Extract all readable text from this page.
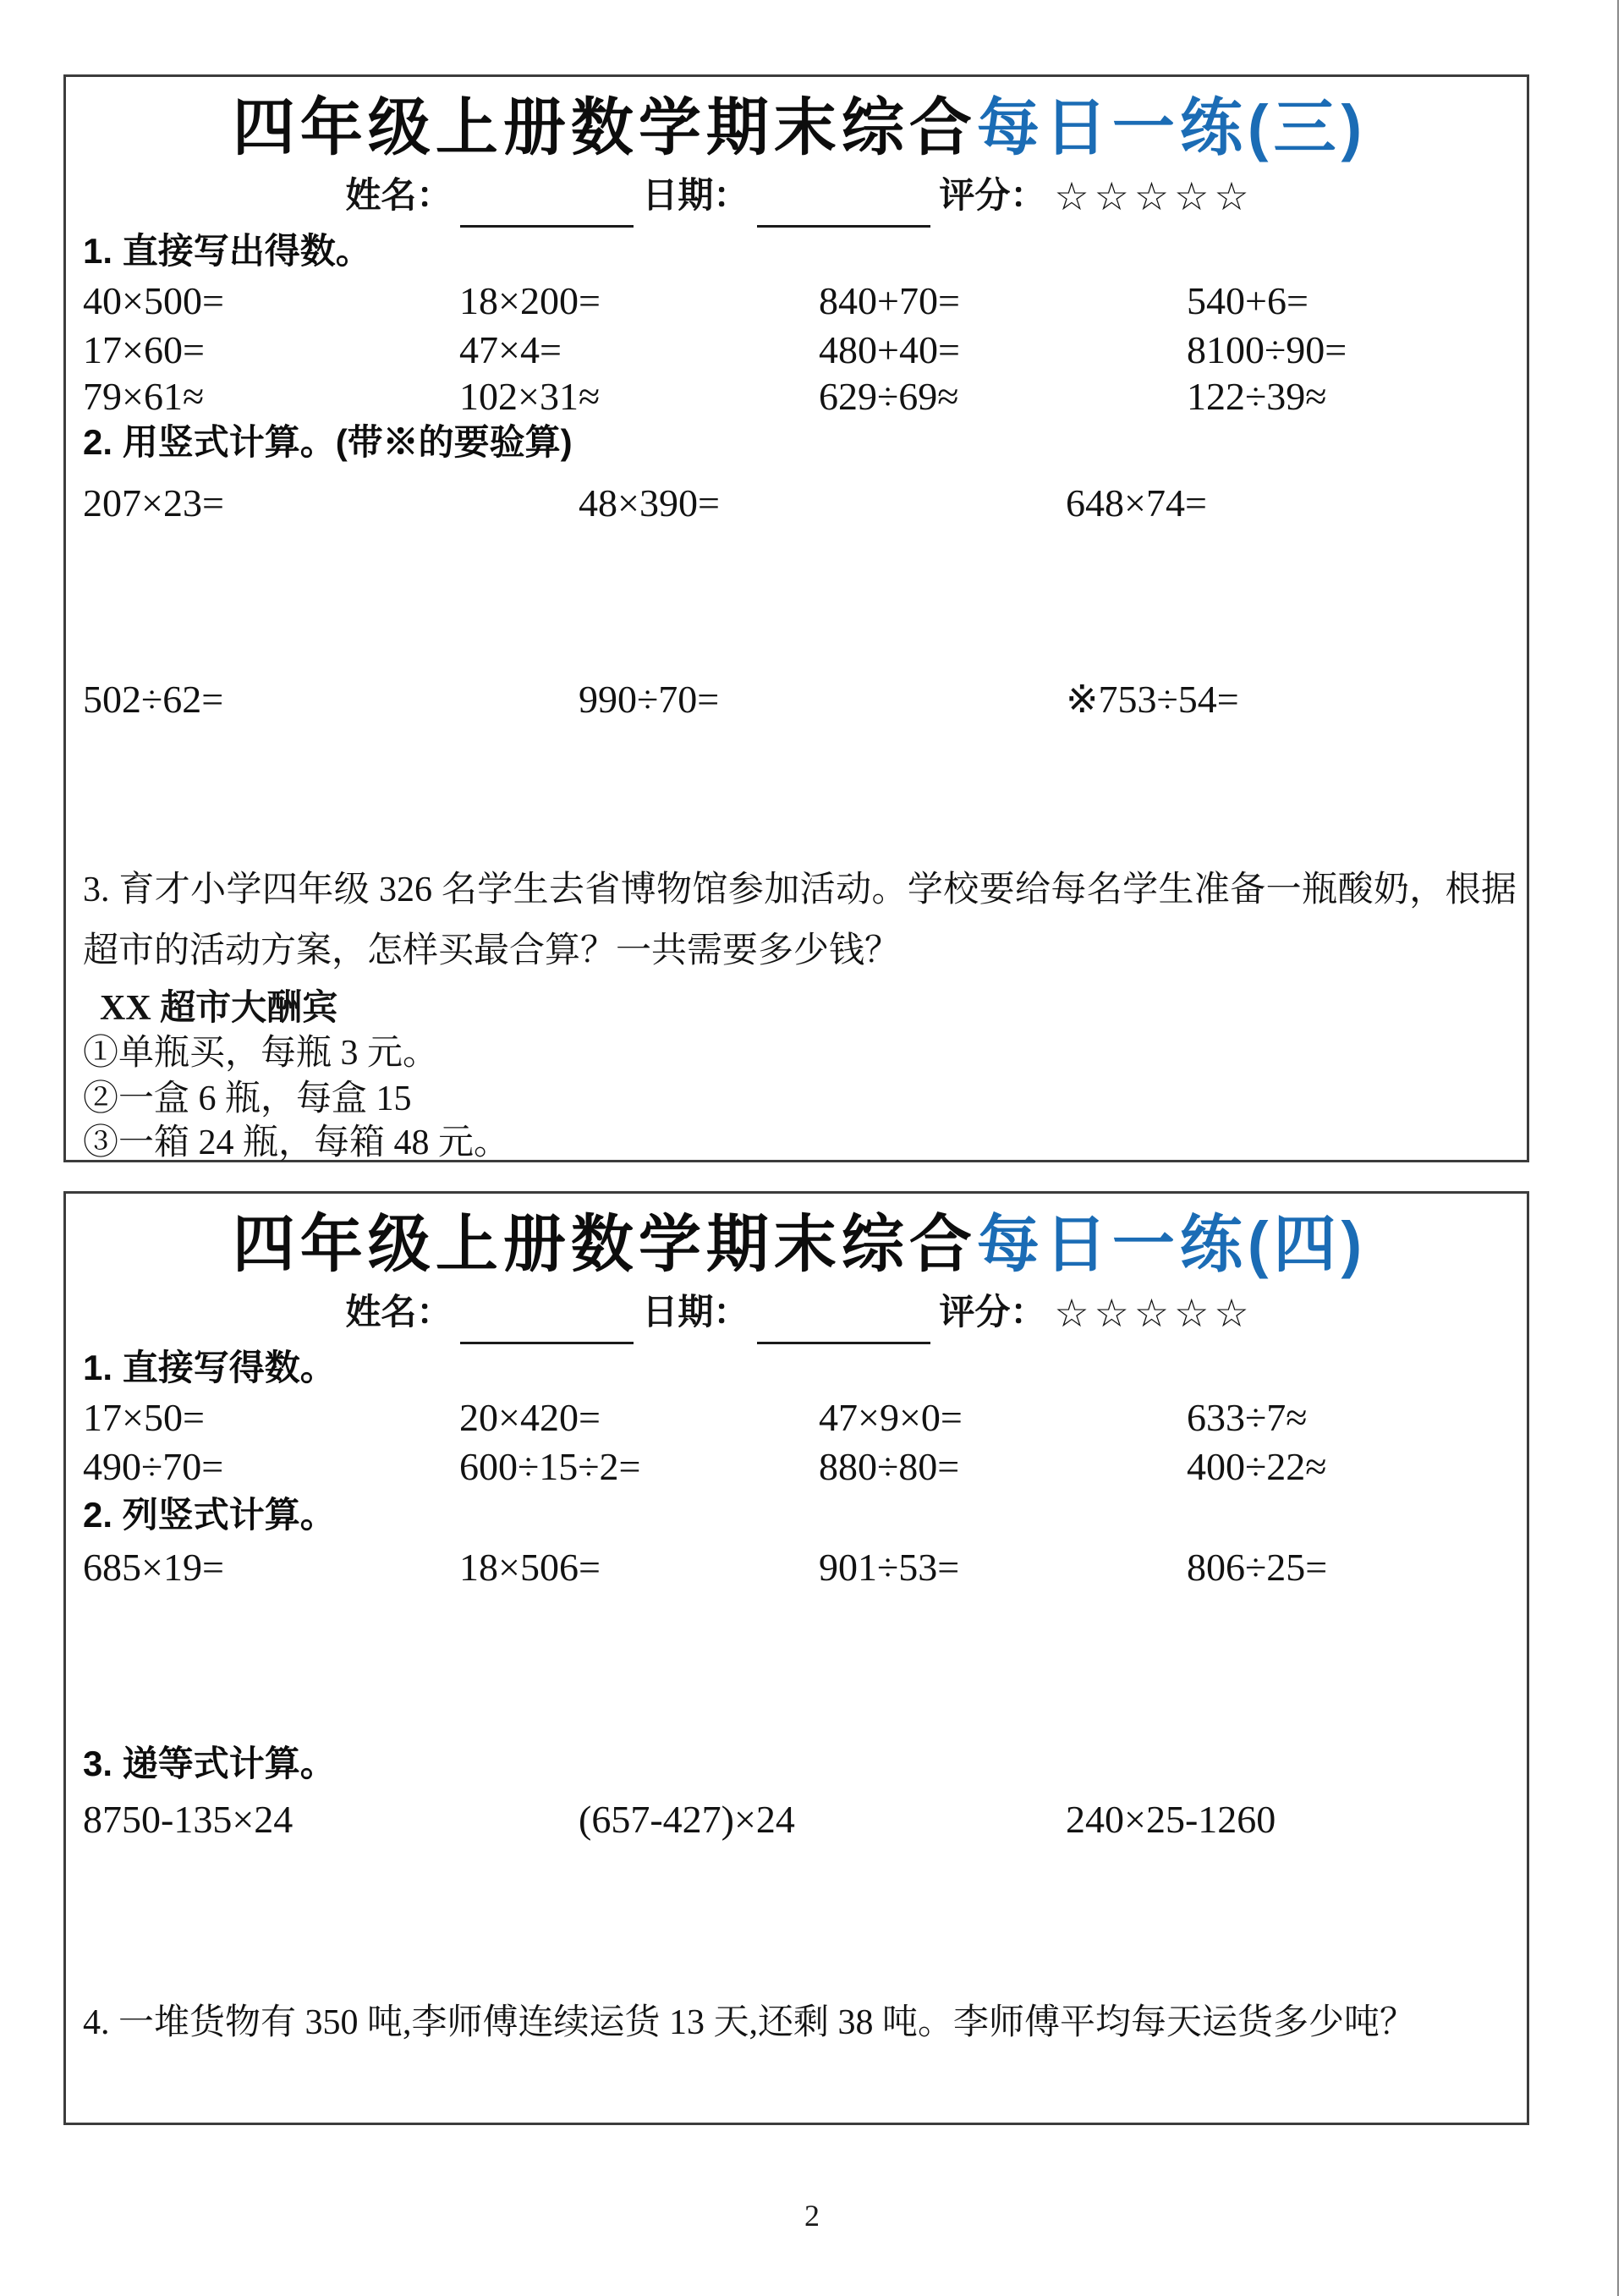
四年级上册数学期末综合每日一练(三)
姓名：	日期：	评分： ☆☆☆☆☆
1. 直接写出得数。
40×500=	18×200=	840+70=	540+6=
17×60=	47×4=	480+40=	8100÷90=
79×61≈	102×31≈	629÷69≈	122÷39≈
2. 用竖式计算。(带※的要验算)
207×23=	48×390=	648×74=
502÷62=	990÷70=	※753÷54=
3. 育才小学四年级 326 名学生去省博物馆参加活动。学校要给每名学生准备一瓶酸奶，根据超市的活动方案，怎样买最合算？一共需要多少钱？
XX 超市大酬宾
①单瓶买，每瓶 3 元。
②一盒 6 瓶，每盒 15
③一箱 24 瓶，每箱 48 元。
四年级上册数学期末综合每日一练(四)
姓名：	日期：	评分： ☆☆☆☆☆
1. 直接写得数。
17×50=	20×420=	47×9×0=	633÷7≈
490÷70=	600÷15÷2=	880÷80=	400÷22≈
2. 列竖式计算。
685×19=	18×506=	901÷53=	806÷25=
3. 递等式计算。
8750-135×24	(657-427)×24	240×25-1260
4. 一堆货物有 350 吨,李师傅连续运货 13 天,还剩 38 吨。李师傅平均每天运货多少吨？
2
